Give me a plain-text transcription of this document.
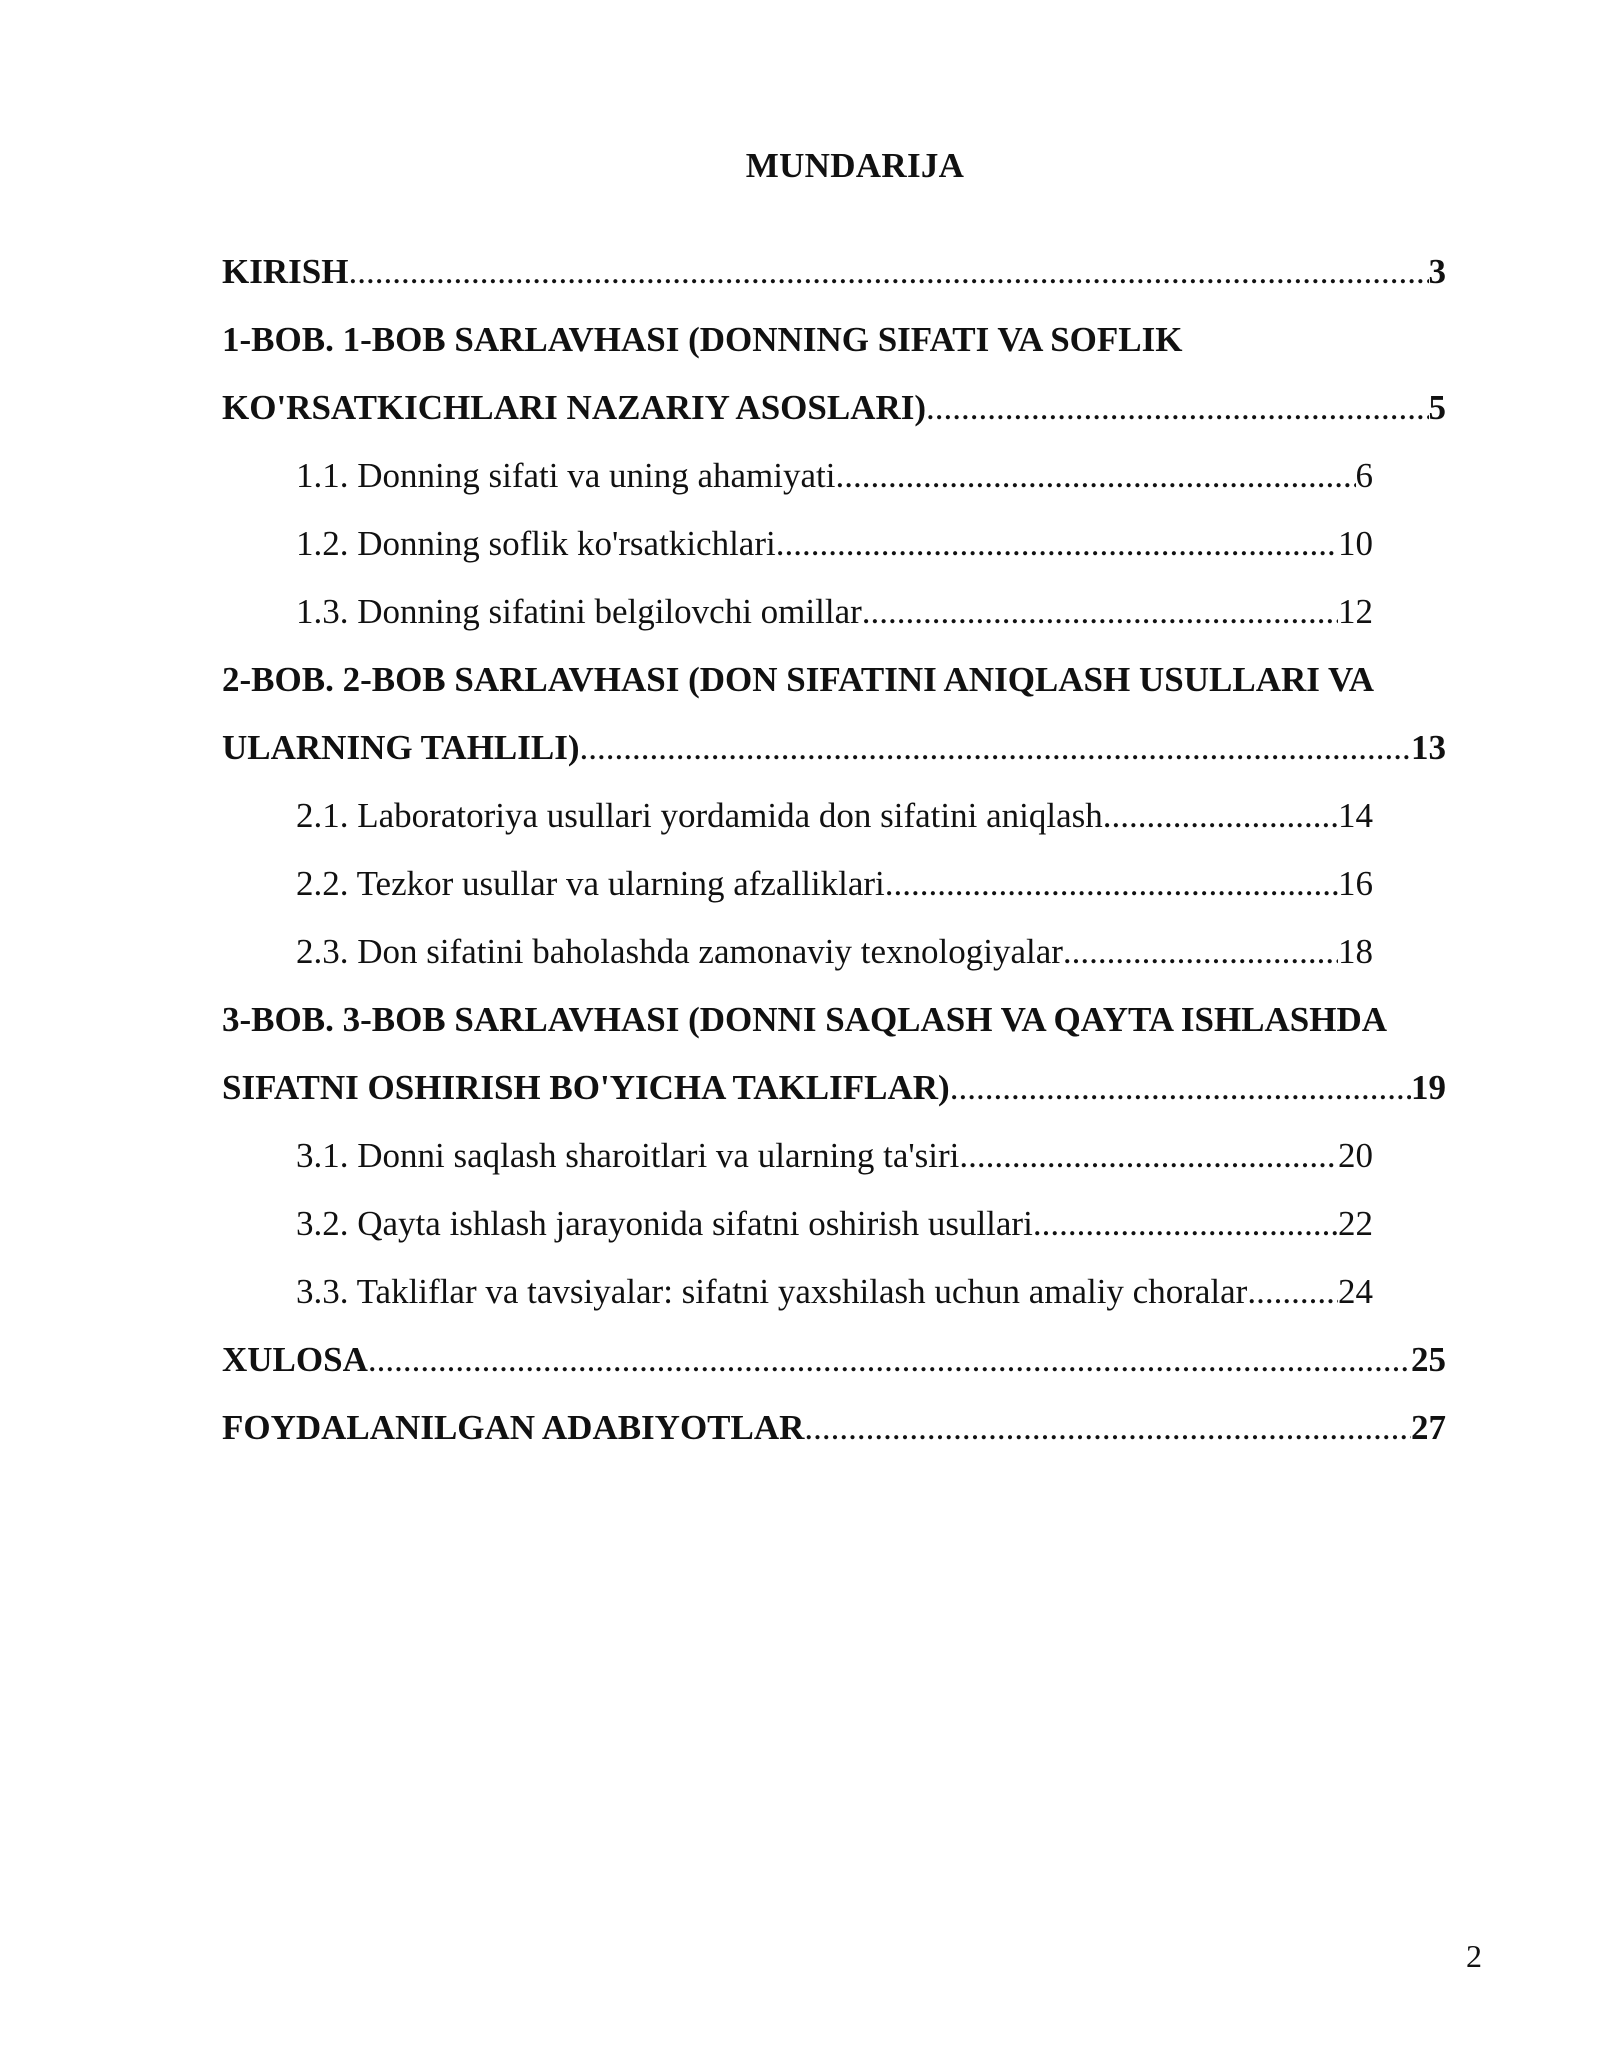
MUNDARIJA
KIRISH .....	3
1-BOB. 1-BOB SARLAVHASI (DONNING SIFATI VA SOFLIK
KO'RSATKICHLARI NAZARIY ASOSLARI) .....	5
1.1. Donning sifati va uning ahamiyati .....	6
1.2. Donning soflik ko'rsatkichlari .....	10
1.3. Donning sifatini belgilovchi omillar .....	12
2-BOB. 2-BOB SARLAVHASI (DON SIFATINI ANIQLASH USULLARI VA
ULARNING TAHLILI) .....	13
2.1. Laboratoriya usullari yordamida don sifatini aniqlash .....	14
2.2. Tezkor usullar va ularning afzalliklari .....	16
2.3. Don sifatini baholashda zamonaviy texnologiyalar .....	18
3-BOB. 3-BOB SARLAVHASI (DONNI SAQLASH VA QAYTA ISHLASHDA
SIFATNI OSHIRISH BO'YICHA TAKLIFLAR) .....	19
3.1. Donni saqlash sharoitlari va ularning ta'siri .....	20
3.2. Qayta ishlash jarayonida sifatni oshirish usullari .....	22
3.3. Takliflar va tavsiyalar: sifatni yaxshilash uchun amaliy choralar .....	24
XULOSA .....	25
FOYDALANILGAN ADABIYOTLAR .....	27
2
